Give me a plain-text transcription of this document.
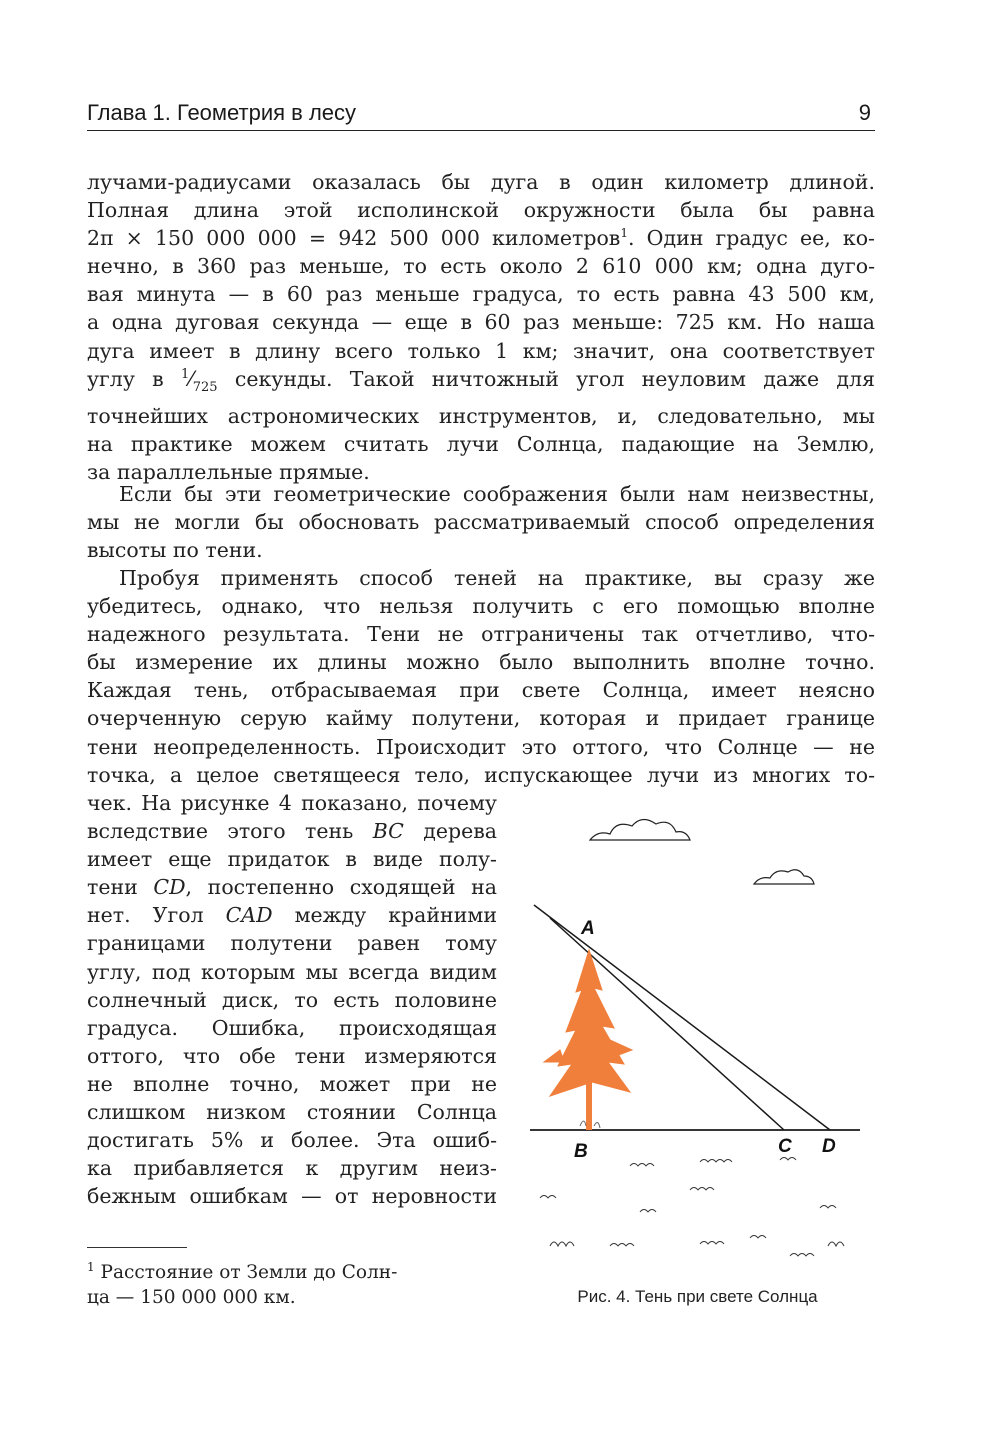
Глава 1. Геометрия в лесу	9
лучами-радиусами оказалась бы дуга в один километр длиной.
Полная длина этой исполинской окружности была бы равна
2π × 150 000 000 = 942 500 000 километров$^1$. Один градус ее, ко-
нечно, в 360 раз меньше, то есть около 2 610 000 км; одна дуго-
вая минута — в 60 раз меньше градуса, то есть равна 43 500 км,
а одна дуговая секунда — еще в 60 раз меньше: 725 км. Но наша
дуга имеет в длину всего только 1 км; значит, она соответствует
углу в $^1⁄_{725}$ секунды. Такой ничтожный угол неуловим даже для
точнейших астрономических инструментов, и, следовательно, мы
на практике можем считать лучи Солнца, падающие на Землю,
за параллельные прямые.
Если бы эти геометрические соображения были нам неизвестны,
мы не могли бы обосновать рассматриваемый способ определения
высоты по тени.
Пробуя применять способ теней на практике, вы сразу же
убедитесь, однако, что нельзя получить с его помощью вполне
надежного результата. Тени не отграничены так отчетливо, что-
бы измерение их длины можно было выполнить вполне точно.
Каждая тень, отбрасываемая при свете Солнца, имеет неясно
очерченную серую кайму полутени, которая и придает границе
тени неопределенность. Происходит это оттого, что Солнце — не
точка, а целое светящееся тело, испускающее лучи из многих то-
чек. На рисунке 4 показано, почему
вследствие этого тень BC дерева
имеет еще придаток в виде полу-
тени CD, постепенно сходящей на
нет. Угол CAD между крайними
границами полутени равен тому
углу, под которым мы всегда видим
солнечный диск, то есть половине
градуса. Ошибка, происходящая
оттого, что обе тени измеряются
не вполне точно, может при не
слишком низком стоянии Солнца
достигать 5% и более. Эта ошиб-
ка прибавляется к другим неиз-
бежным ошибкам — от неровности
$^1$ Расстояние от Земли до Солн-
ца — 150 000 000 км.
A
B	C D
Рис. 4. Тень при свете Солнца
